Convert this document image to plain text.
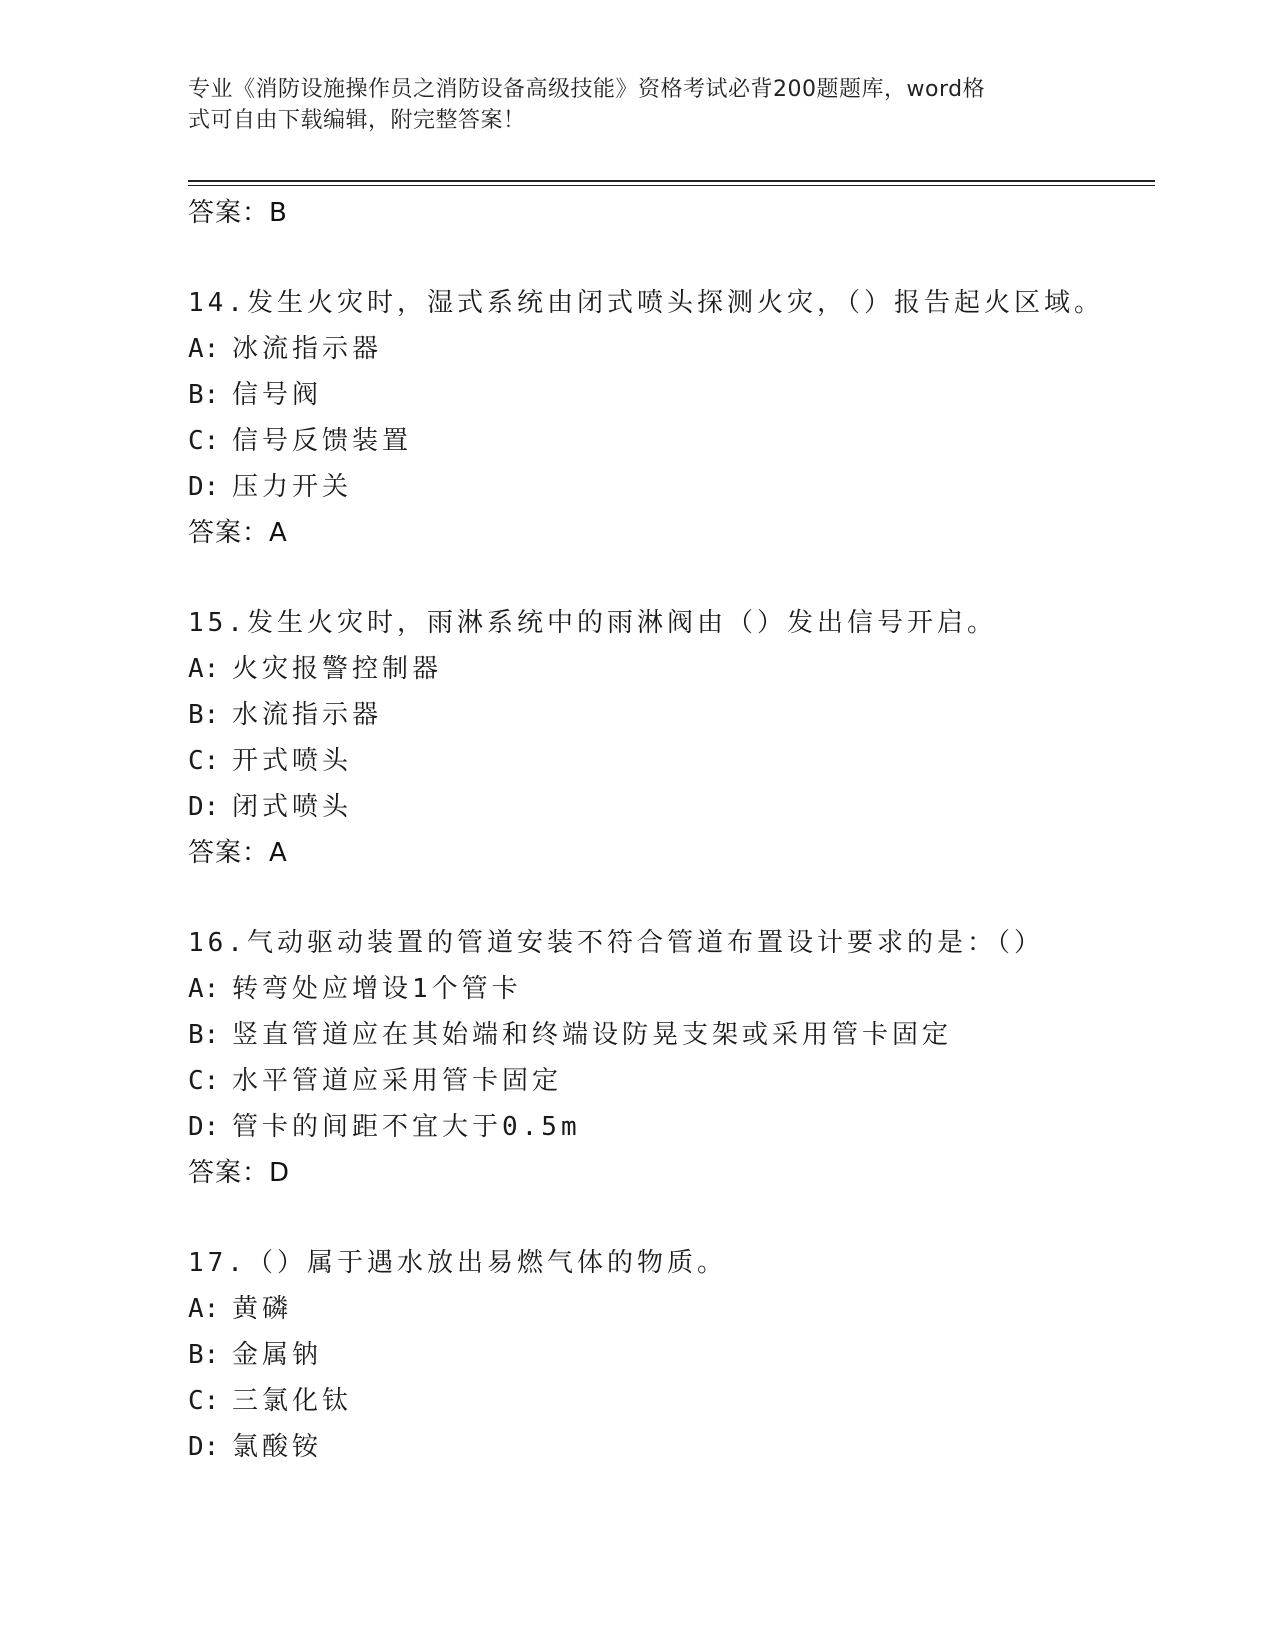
专业《消防设施操作员之消防设备高级技能》资格考试必背200题题库，word格
式可自由下载编辑，附完整答案！
答案：B
14.发生火灾时，湿式系统由闭式喷头探测火灾，（）报告起火区域。
A: 冰流指示器
B: 信号阀
C: 信号反馈装置
D: 压力开关
答案：A
15.发生火灾时，雨淋系统中的雨淋阀由（）发出信号开启。
A: 火灾报警控制器
B: 水流指示器
C: 开式喷头
D: 闭式喷头
答案：A
16.气动驱动装置的管道安装不符合管道布置设计要求的是：（）
A: 转弯处应增设1个管卡
B: 竖直管道应在其始端和终端设防晃支架或采用管卡固定
C: 水平管道应采用管卡固定
D: 管卡的间距不宜大于0.5m
答案：D
17.（）属于遇水放出易燃气体的物质。
A: 黄磷
B: 金属钠
C: 三氯化钛
D: 氯酸铵
